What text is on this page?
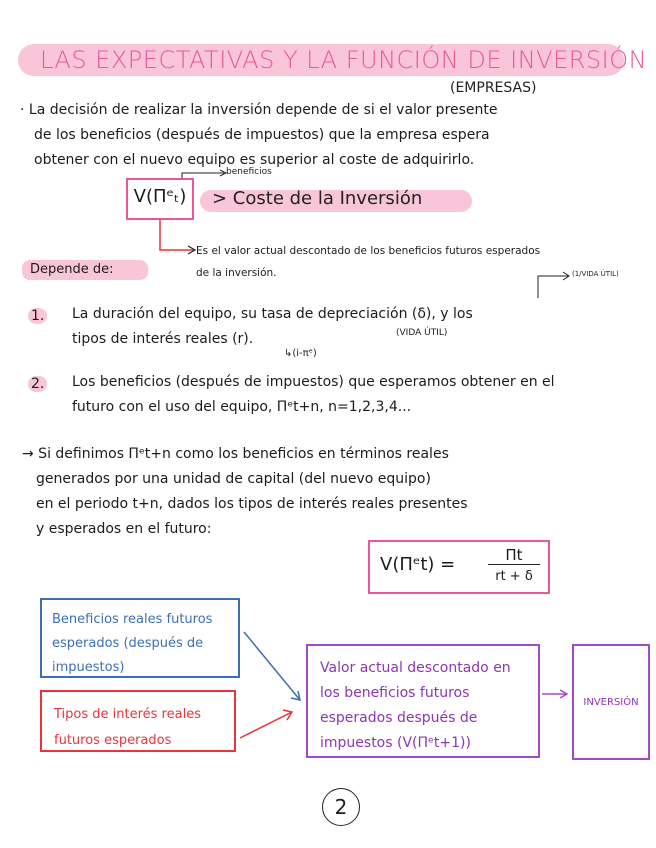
LAS EXPECTATIVAS Y LA FUNCIÓN DE INVERSIÓN
(EMPRESAS)
· La decisión de realizar la inversión depende de si el valor presente
de los beneficios (después de impuestos) que la empresa espera
obtener con el nuevo equipo es superior al coste de adquirirlo.
beneficios
V(Πᵉₜ)	> Coste de la Inversión
Es el valor actual descontado de los beneficios futuros esperados
de la inversión.
Depende de:	(1/VIDA ÚTIL)
1. La duración del equipo, su tasa de depreciación (δ), y los
tipos de interés reales (r).	(VIDA ÚTIL)
↳(i-πᵉ)
2. Los beneficios (después de impuestos) que esperamos obtener en el
futuro con el uso del equipo, Πᵉt+n, n=1,2,3,4...
→ Si definimos Πᵉt+n como los beneficios en términos reales
generados por una unidad de capital (del nuevo equipo)
en el periodo t+n, dados los tipos de interés reales presentes
y esperados en el futuro:
V(Πᵉt) =	Πt
rt + δ
Beneficios reales futuros esperados (después de impuestos)
Tipos de interés reales futuros esperados
Valor actual descontado en los beneficios futuros esperados después de impuestos (V(Πᵉt+1))
INVERSIÓN
2
